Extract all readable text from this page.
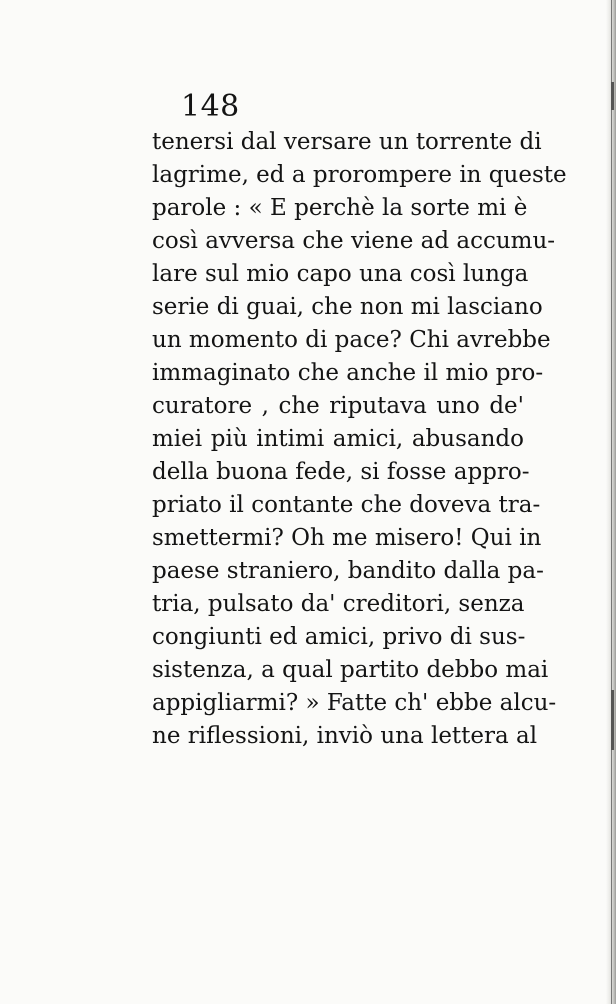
148
tenersi dal versare un torrente di
lagrime, ed a prorompere in queste
parole : « E perchè la sorte mi è
così avversa che viene ad accumu-
lare sul mio capo una così lunga
serie di guai, che non mi lasciano
un momento di pace? Chi avrebbe
immaginato che anche il mio pro-
curatore , che riputava uno de'
miei più intimi amici, abusando
della buona fede, si fosse appro-
priato il contante che doveva tra-
smettermi? Oh me misero! Qui in
paese straniero, bandito dalla pa-
tria, pulsato da' creditori, senza
congiunti ed amici, privo di sus-
sistenza, a qual partito debbo mai
appigliarmi? » Fatte ch' ebbe alcu-
ne riflessioni, inviò una lettera al
